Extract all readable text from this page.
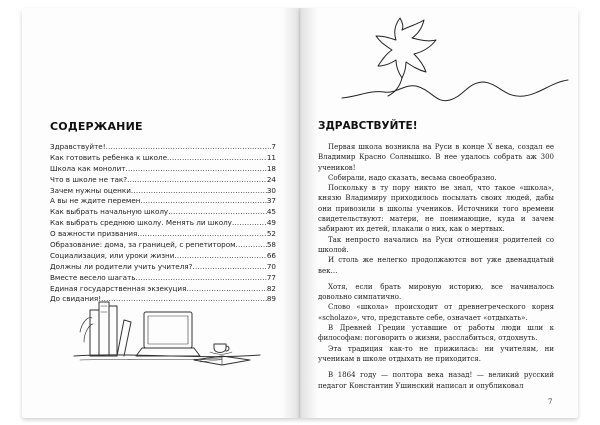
СОДЕРЖАНИЕ
Здравствуйте! .....	7
Как готовить ребенка к школе .....	11
Школа как монолит .....	18
Что в школе не так? .....	24
Зачем нужны оценки .....	30
А вы не ждите перемен .....	37
Как выбрать начальную школу .....	45
Как выбрать среднюю школу. Менять ли школу .....	49
О важности призвания .....	52
Образование: дома, за границей, с репетитором .....	58
Социализация, или уроки жизни .....	66
Должны ли родители учить учителя? .....	70
Вместе весело шагать .....	77
Единая государственная экзекуция .....	82
До свидания! .....	89
ЗДРАВСТВУЙТЕ!

Первая школа возникла на Руси в конце X века, создал ее Владимир Красно Солнышко. В нее удалось собрать аж 300 учеников!

Собирали, надо сказать, весьма своеобразно.

Поскольку в ту пору никто не знал, что такое «школа», князю Владимиру приходилось посылать своих людей, дабы они привозили в школы учеников. Источники того времени свидетельствуют: матери, не понимающие, куда и зачем забирают их детей, плакали о них, как о мертвых.

Так непросто начались на Руси отношения родителей со школой.

И столь же нелегко продолжаются вот уже двенадцатый век…

Хотя, если брать мировую историю, все начиналось довольно симпатично.

Слово «школа» происходит от древнегреческого корня «scholazo», что, представьте себе, означает «отдыхать».

В Древней Греции уставшие от работы люди шли к философам: поговорить о жизни, расслабиться, отдохнуть.

Эта традиция как-то не прижилась: ни учителям, ни ученикам в школе отдыхать не приходится.

В 1864 году — полтора века назад! — великий русский педагог Константин Ушинский написал и опубликовал

7
